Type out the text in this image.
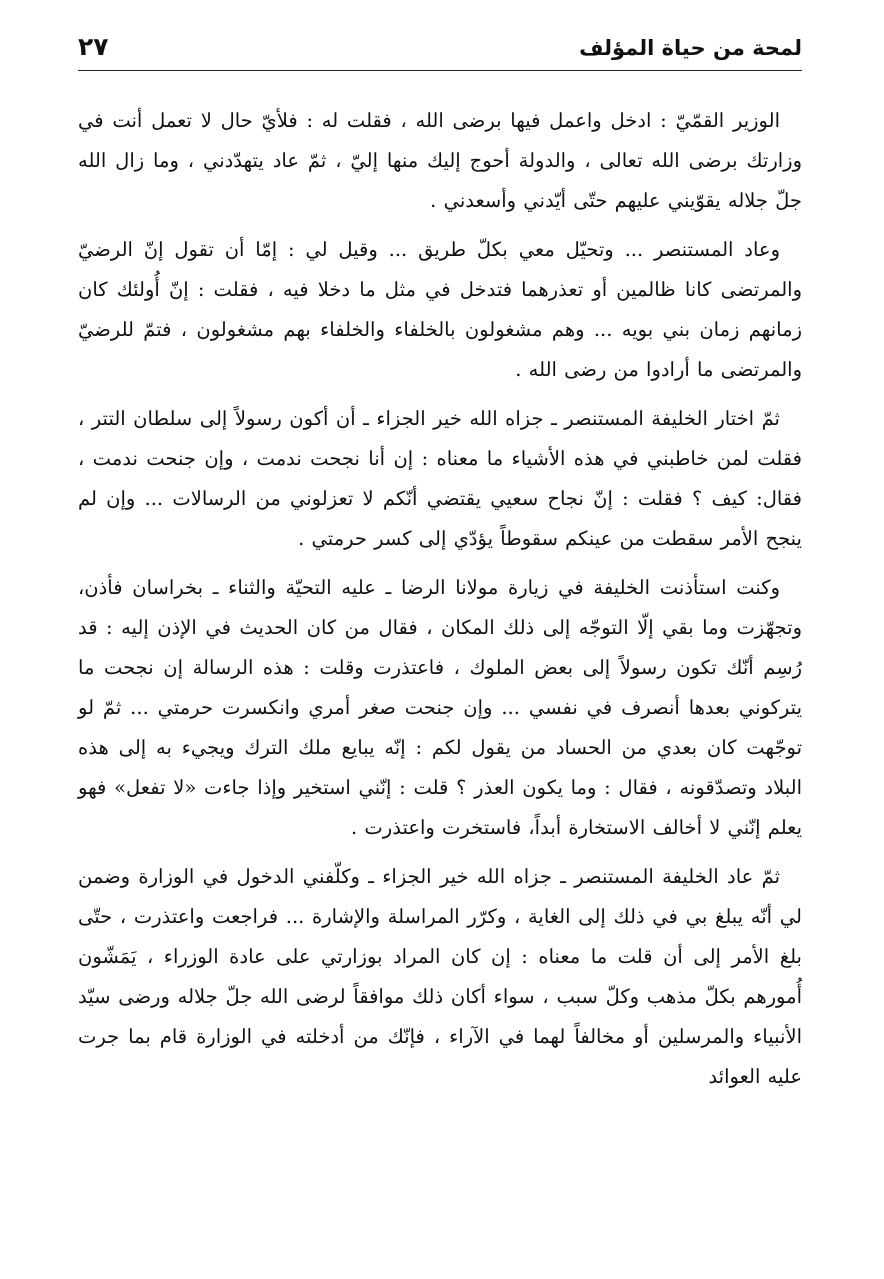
لمحة من حياة المؤلف
٢٧

الوزير القمّيّ : ادخل واعمل فيها برضى الله ، فقلت له : فلأيّ حال لا تعمل أنت في وزارتك برضى الله تعالى ، والدولة أحوج إليك منها إليّ ، ثمّ عاد يتهدّدني ، وما زال الله جلّ جلاله يقوّيني عليهم حتّى أيّدني وأسعدني .

وعاد المستنصر ... وتحيّل معي بكلّ طريق ... وقيل لي : إمّا أن تقول إنّ الرضيّ والمرتضى كانا ظالمين أو تعذرهما فتدخل في مثل ما دخلا فيه ، فقلت : إنّ أُولئك كان زمانهم زمان بني بويه ... وهم مشغولون بالخلفاء والخلفاء بهم مشغولون ، فتمّ للرضيّ والمرتضى ما أرادوا من رضى الله .

ثمّ اختار الخليفة المستنصر ـ جزاه الله خير الجزاء ـ أن أكون رسولاً إلى سلطان التتر ، فقلت لمن خاطبني في هذه الأشياء ما معناه : إن أنا نجحت ندمت ، وإن جنحت ندمت ، فقال: كيف ؟ فقلت : إنّ نجاح سعيي يقتضي أنّكم لا تعزلوني من الرسالات ... وإن لم ينجح الأمر سقطت من عينكم سقوطاً يؤدّي إلى كسر حرمتي .

وكنت استأذنت الخليفة في زيارة مولانا الرضا ـ عليه التحيّة والثناء ـ بخراسان فأذن، وتجهّزت وما بقي إلّا التوجّه إلى ذلك المكان ، فقال من كان الحديث في الإذن إليه : قد رُسِم أنّك تكون رسولاً إلى بعض الملوك ، فاعتذرت وقلت : هذه الرسالة إن نجحت ما يتركوني بعدها أنصرف في نفسي ... وإن جنحت صغر أمري وانكسرت حرمتي ... ثمّ لو توجّهت كان بعدي من الحساد من يقول لكم : إنّه يبايع ملك الترك ويجيء به إلى هذه البلاد وتصدّقونه ، فقال : وما يكون العذر ؟ قلت : إنّني استخير وإذا جاءت «لا تفعل» فهو يعلم إنّني لا أخالف الاستخارة أبداً، فاستخرت واعتذرت .

ثمّ عاد الخليفة المستنصر ـ جزاه الله خير الجزاء ـ وكلّفني الدخول في الوزارة وضمن لي أنّه يبلغ بي في ذلك إلى الغاية ، وكرّر المراسلة والإشارة ... فراجعت واعتذرت ، حتّى بلغ الأمر إلى أن قلت ما معناه : إن كان المراد بوزارتي على عادة الوزراء ، يَمَشّون أُمورهم بكلّ مذهب وكلّ سبب ، سواء أكان ذلك موافقاً لرضى الله جلّ جلاله ورضى سيّد الأنبياء والمرسلين أو مخالفاً لهما في الآراء ، فإنّك من أدخلته في الوزارة قام بما جرت عليه العوائد
